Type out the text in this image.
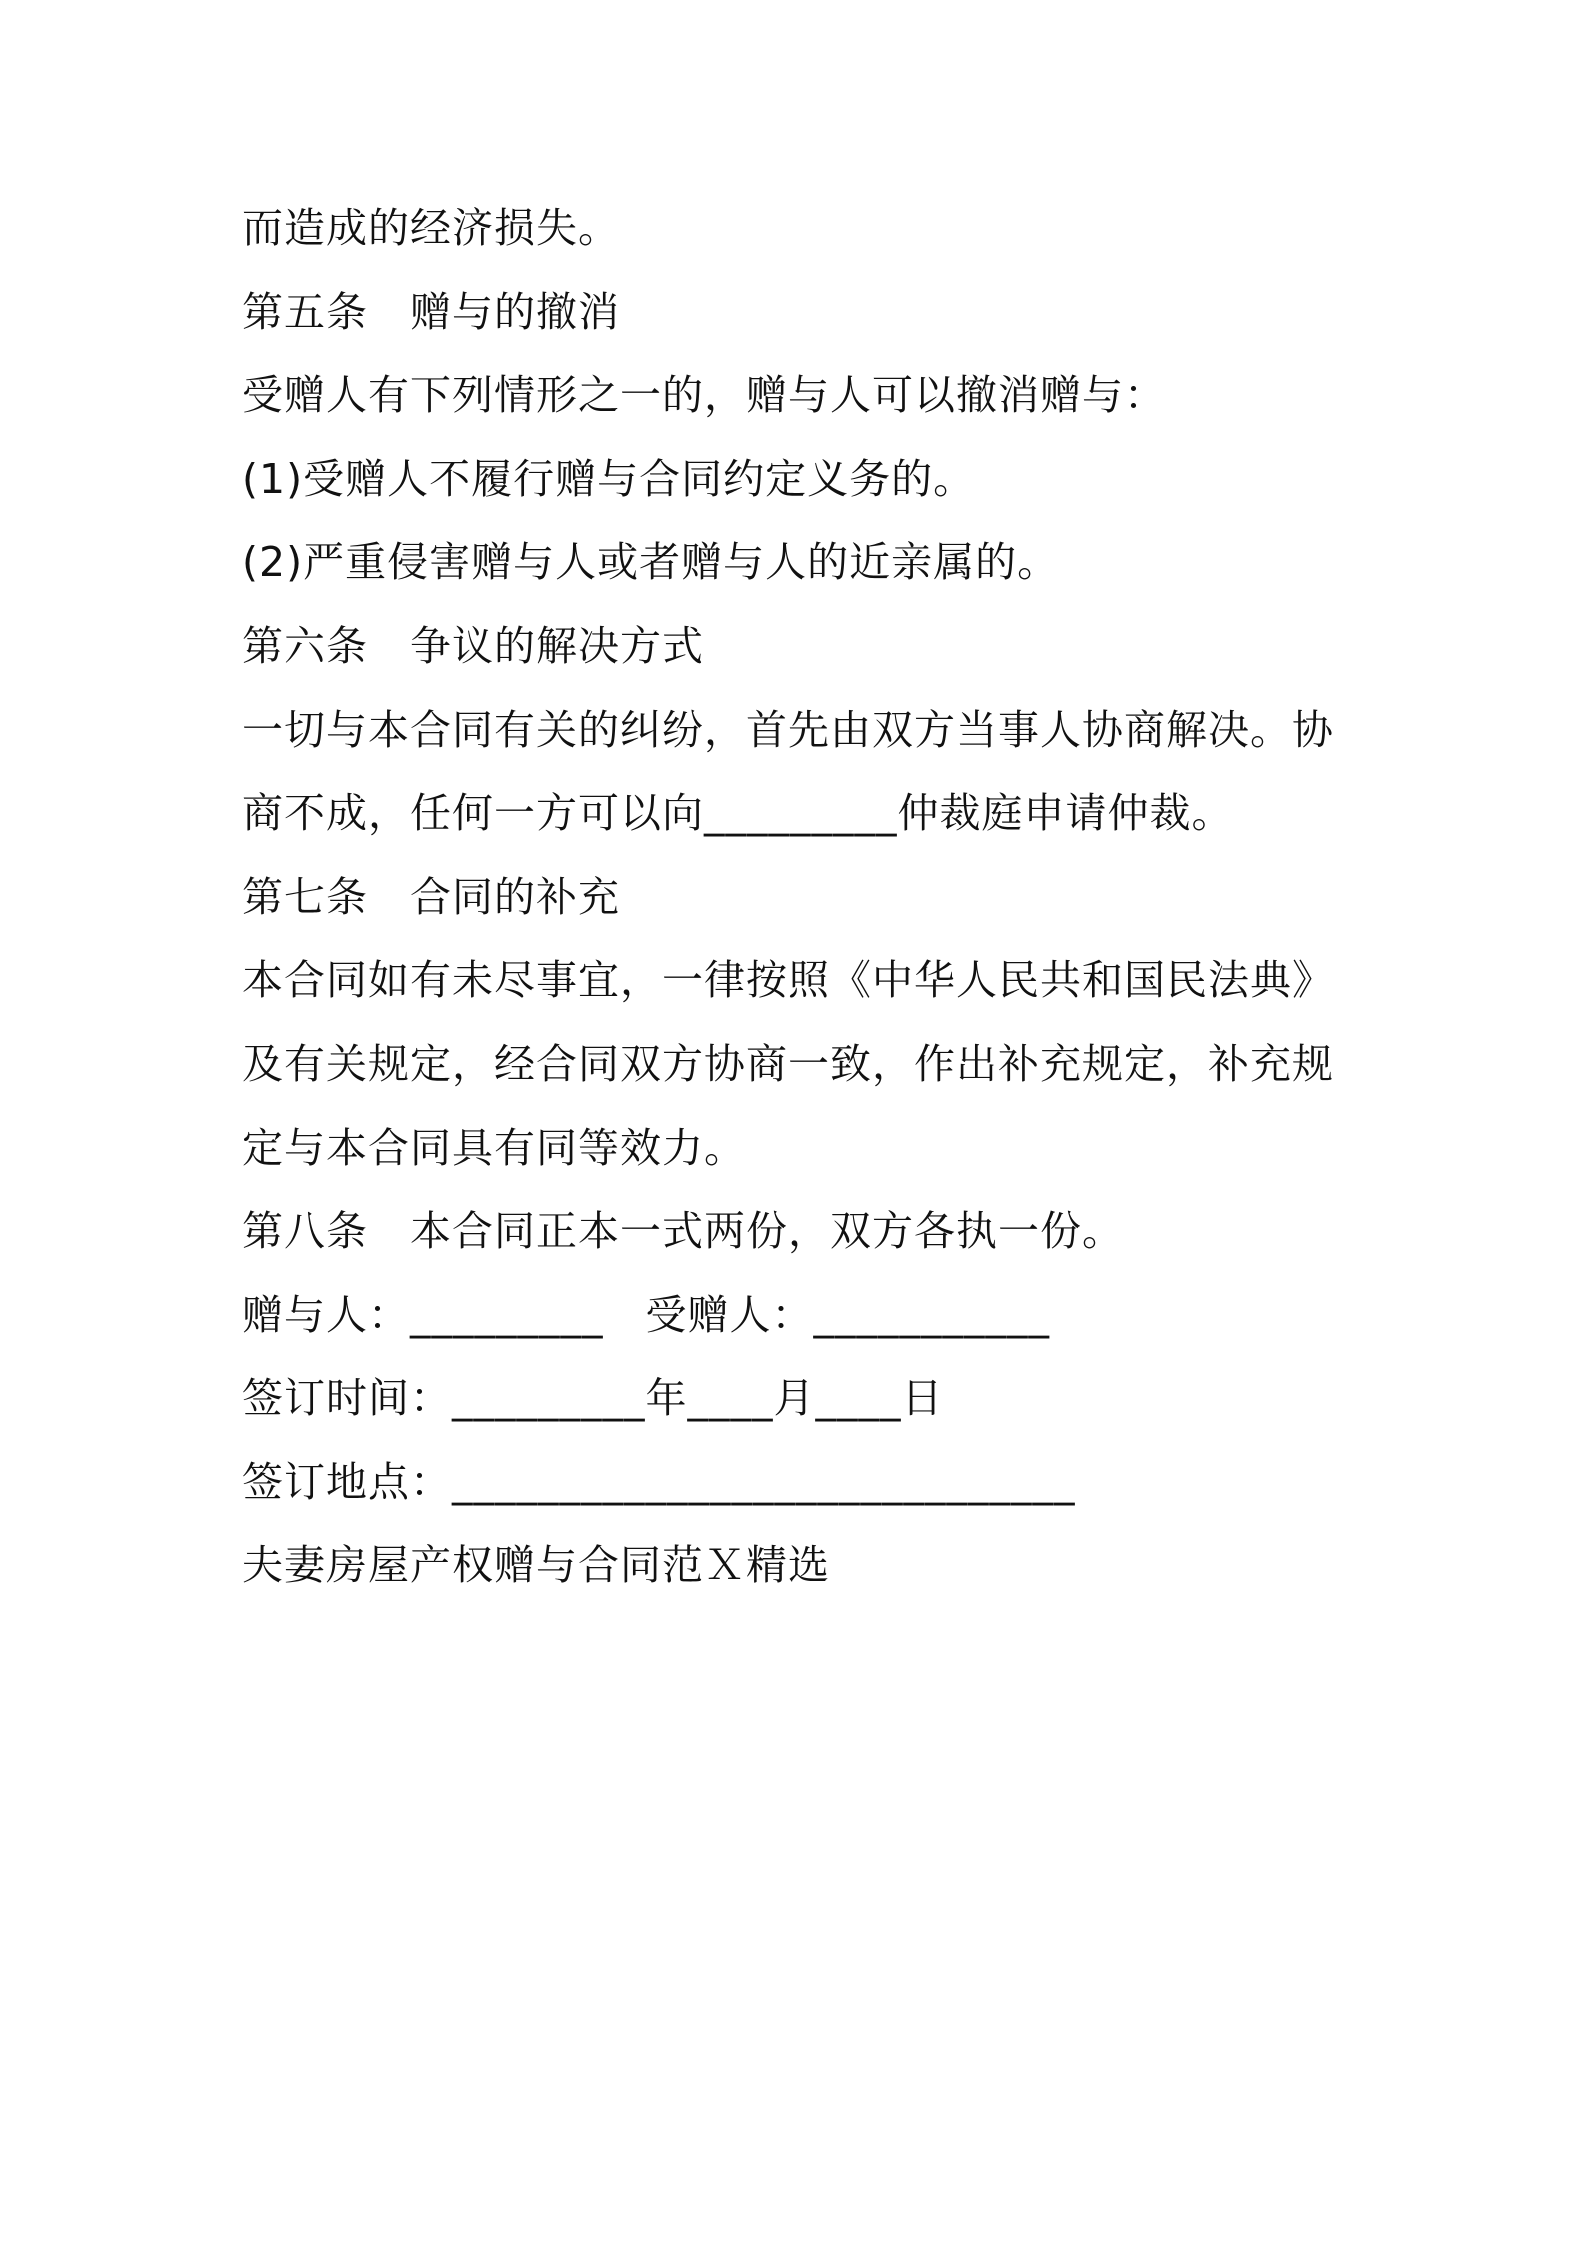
而造成的经济损失。
第五条　赠与的撤消
受赠人有下列情形之一的，赠与人可以撤消赠与：
(1)受赠人不履行赠与合同约定义务的。
(2)严重侵害赠与人或者赠与人的近亲属的。
第六条　争议的解决方式
一切与本合同有关的纠纷，首先由双方当事人协商解决。协
商不成，任何一方可以向_________仲裁庭申请仲裁。
第七条　合同的补充
本合同如有未尽事宜，一律按照《中华人民共和国民法典》
及有关规定，经合同双方协商一致，作出补充规定，补充规
定与本合同具有同等效力。
第八条　本合同正本一式两份，双方各执一份。
赠与人：_________　受赠人：___________
签订时间：_________年____月____日
签订地点：_____________________________
夫妻房屋产权赠与合同范Ｘ精选
